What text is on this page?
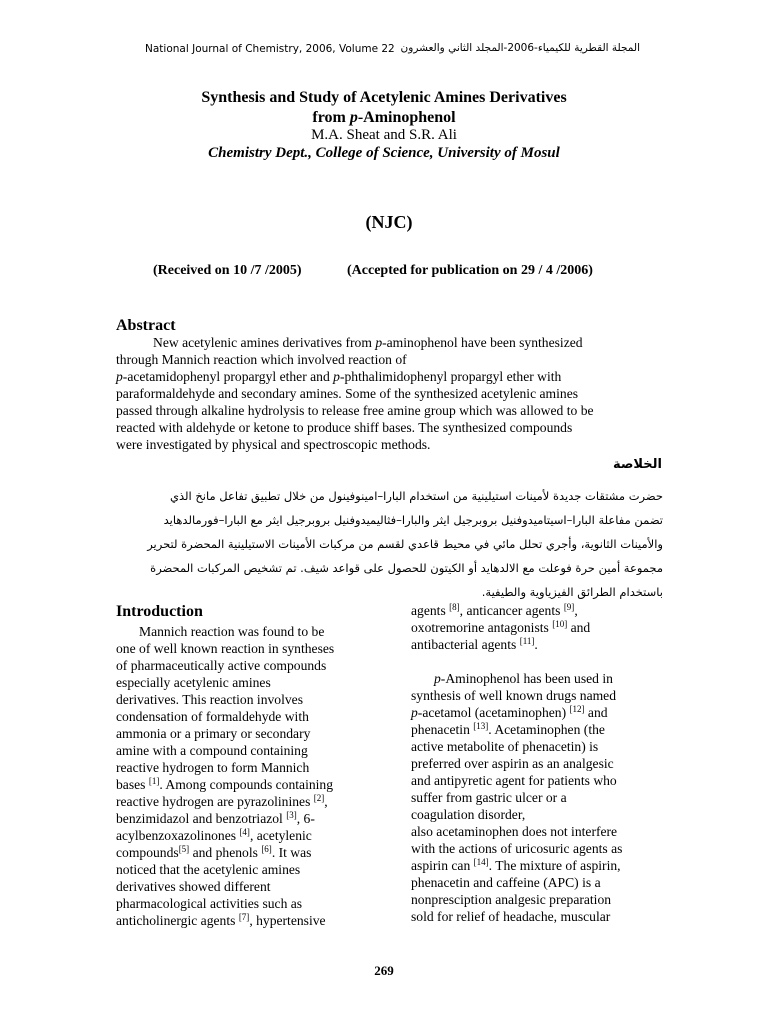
National Journal of Chemistry, 2006, Volume 22 المجلة القطرية للكيمياء-2006-المجلد الثاني والعشرون
Synthesis and Study of Acetylenic Amines Derivatives
from p-Aminophenol
M.A. Sheat and S.R. Ali
Chemistry Dept., College of Science, University of Mosul
(NJC)
(Received on 10 /7 /2005)	(Accepted for publication on 29 / 4 /2006)
Abstract
New acetylenic amines derivatives from p-aminophenol have been synthesized
through Mannich reaction which involved reaction of
p-acetamidophenyl propargyl ether and p-phthalimidophenyl propargyl ether with
paraformaldehyde and secondary amines. Some of the synthesized acetylenic amines
passed through alkaline hydrolysis to release free amine group which was allowed to be
reacted with aldehyde or ketone to produce shiff bases. The synthesized compounds
were investigated by physical and spectroscopic methods.
الخلاصة
حضرت مشتقات جديدة لأمينات استيلينية من استخدام البارا–امينوفينول من خلال تطبيق تفاعل مانخ الذي
تضمن مفاعلة البارا–اسيتاميدوفنيل بروبرجيل ايثر والبارا–فثاليميدوفنيل بروبرجيل ايثر مع البارا–فورمالدهايد
والأمينات الثانوية، وأجري تحلل مائي في محيط قاعدي لقسم من مركبات الأمينات الاستيلينية المحضرة لتحرير
مجموعة أمين حرة فوعلت مع الالدهايد أو الكيتون للحصول على قواعد شيف. تم تشخيص المركبات المحضرة
باستخدام الطرائق الفيزياوية والطيفية.
Introduction
Mannich reaction was found to be
one of well known reaction in syntheses
of pharmaceutically active compounds
especially acetylenic amines
derivatives. This reaction involves
condensation of formaldehyde with
ammonia or a primary or secondary
amine with a compound containing
reactive hydrogen to form Mannich
bases [1]. Among compounds containing
reactive hydrogen are pyrazolinines [2],
benzimidazol and benzotriazol [3], 6-
acylbenzoxazolinones [4], acetylenic
compounds[5] and phenols [6]. It was
noticed that the acetylenic amines
derivatives showed different
pharmacological activities such as
anticholinergic agents [7], hypertensive
agents [8], anticancer agents [9],
oxotremorine antagonists [10] and
antibacterial agents [11].
p-Aminophenol has been used in
synthesis of well known drugs named
p-acetamol (acetaminophen) [12] and
phenacetin [13]. Acetaminophen (the
active metabolite of phenacetin) is
preferred over aspirin as an analgesic
and antipyretic agent for patients who
suffer from gastric ulcer or a
coagulation disorder,
also acetaminophen does not interfere
with the actions of uricosuric agents as
aspirin can [14]. The mixture of aspirin,
phenacetin and caffeine (APC) is a
nonpresciption analgesic preparation
sold for relief of headache, muscular
269
